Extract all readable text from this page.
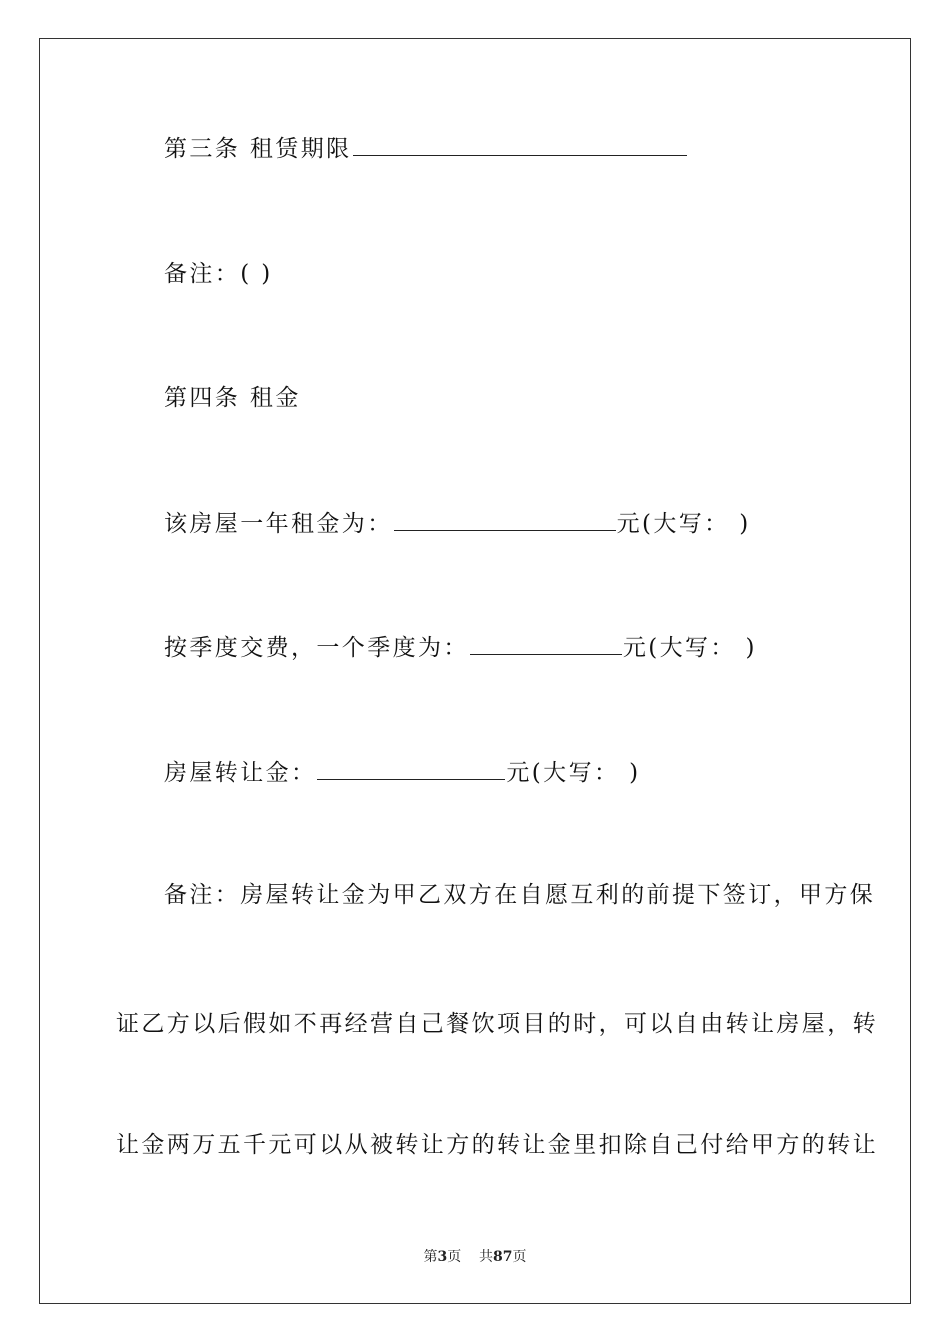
第三条 租赁期限

备注：( )

第四条 租金

该房屋一年租金为：	元(大写： )

按季度交费，一个季度为：	元(大写： )

房屋转让金：	元(大写： )

备注：房屋转让金为甲乙双方在自愿互利的前提下签订，甲方保

证乙方以后假如不再经营自己餐饮项目的时，可以自由转让房屋，转

让金两万五千元可以从被转让方的转让金里扣除自己付给甲方的转让

第3页    共87页
